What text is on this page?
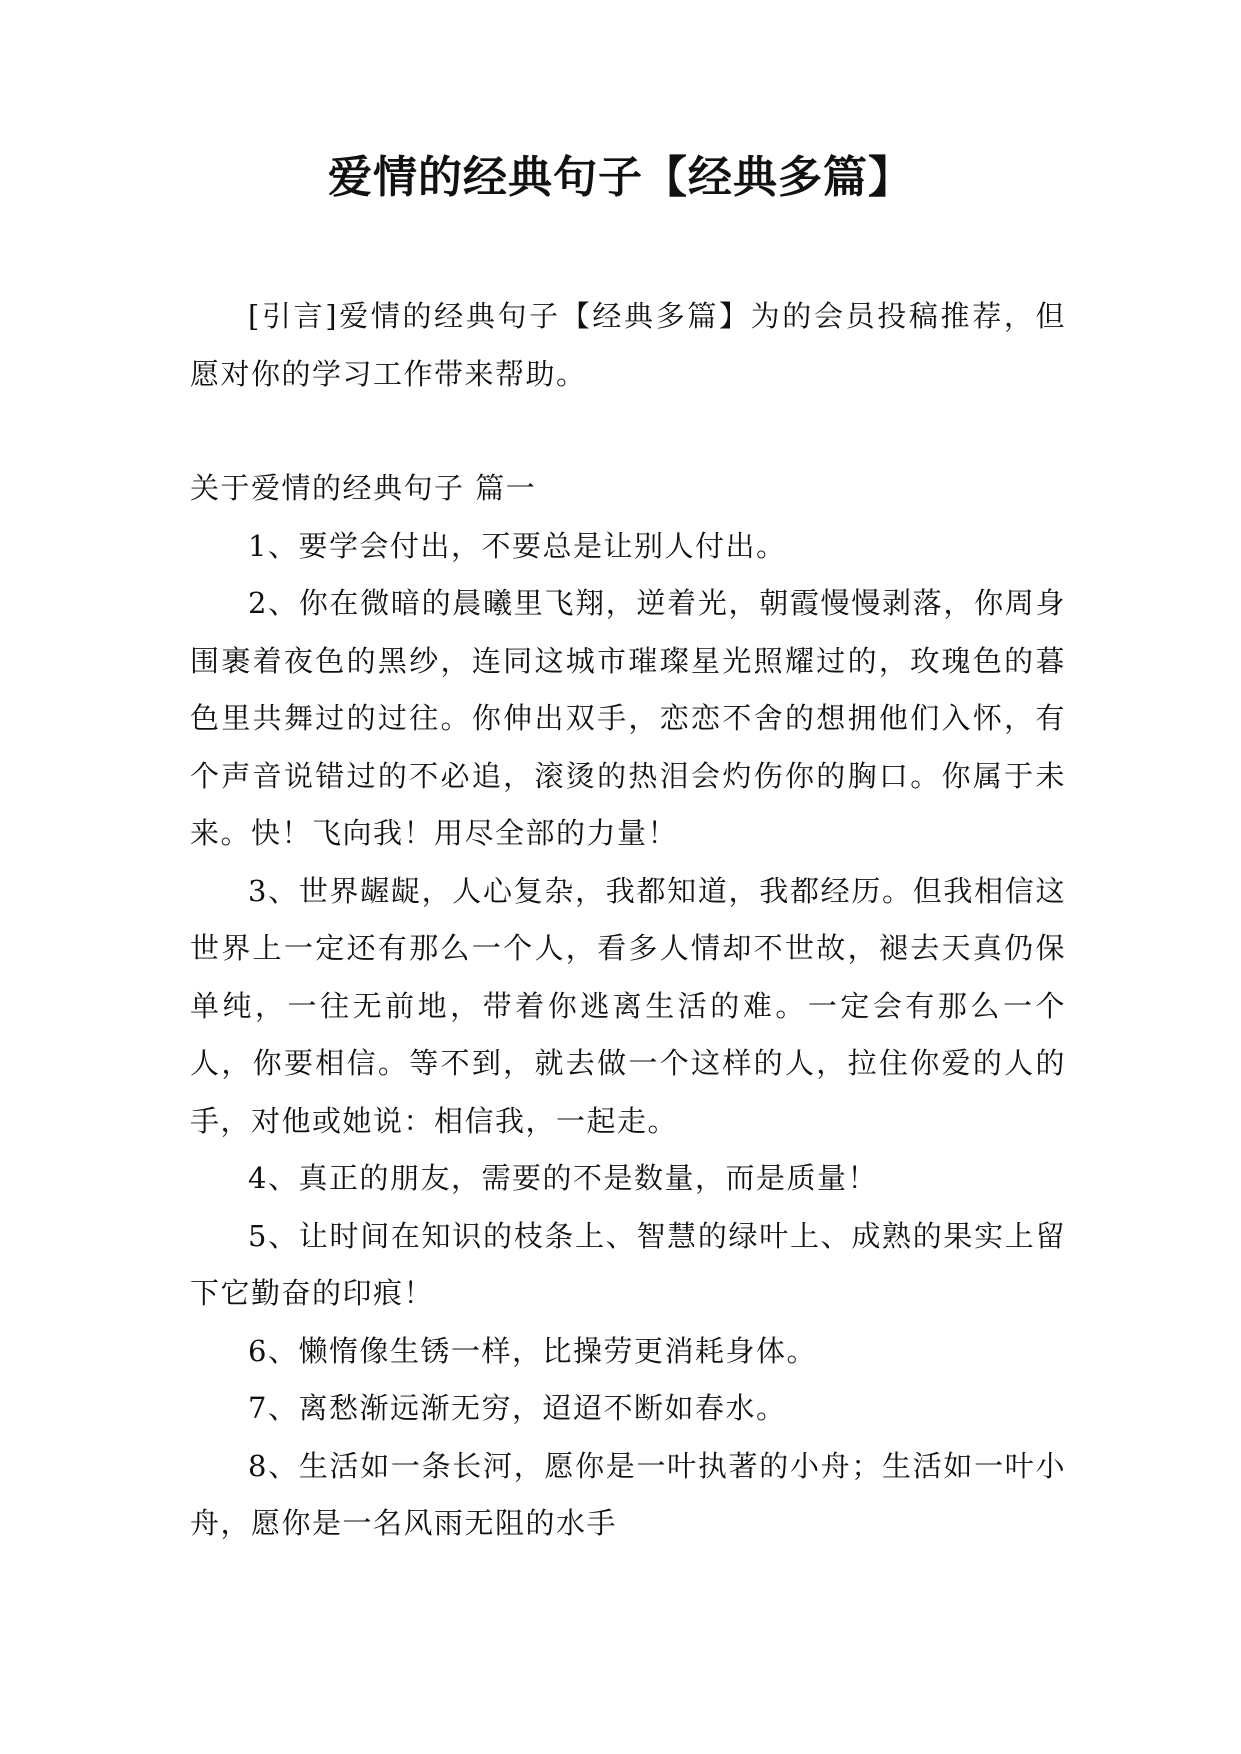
爱情的经典句子【经典多篇】

[引言]爱情的经典句子【经典多篇】为的会员投稿推荐，但愿对你的学习工作带来帮助。

关于爱情的经典句子 篇一

1、要学会付出，不要总是让别人付出。

2、你在微暗的晨曦里飞翔，逆着光，朝霞慢慢剥落，你周身围裹着夜色的黑纱，连同这城市璀璨星光照耀过的，玫瑰色的暮色里共舞过的过往。你伸出双手，恋恋不舍的想拥他们入怀，有个声音说错过的不必追，滚烫的热泪会灼伤你的胸口。你属于未来。快！飞向我！用尽全部的力量！

3、世界龌龊，人心复杂，我都知道，我都经历。但我相信这世界上一定还有那么一个人，看多人情却不世故，褪去天真仍保单纯，一往无前地，带着你逃离生活的难。一定会有那么一个人，你要相信。等不到，就去做一个这样的人，拉住你爱的人的手，对他或她说：相信我，一起走。

4、真正的朋友，需要的不是数量，而是质量！

5、让时间在知识的枝条上、智慧的绿叶上、成熟的果实上留下它勤奋的印痕！

6、懒惰像生锈一样，比操劳更消耗身体。

7、离愁渐远渐无穷，迢迢不断如春水。

8、生活如一条长河，愿你是一叶执著的小舟；生活如一叶小舟，愿你是一名风雨无阻的水手
